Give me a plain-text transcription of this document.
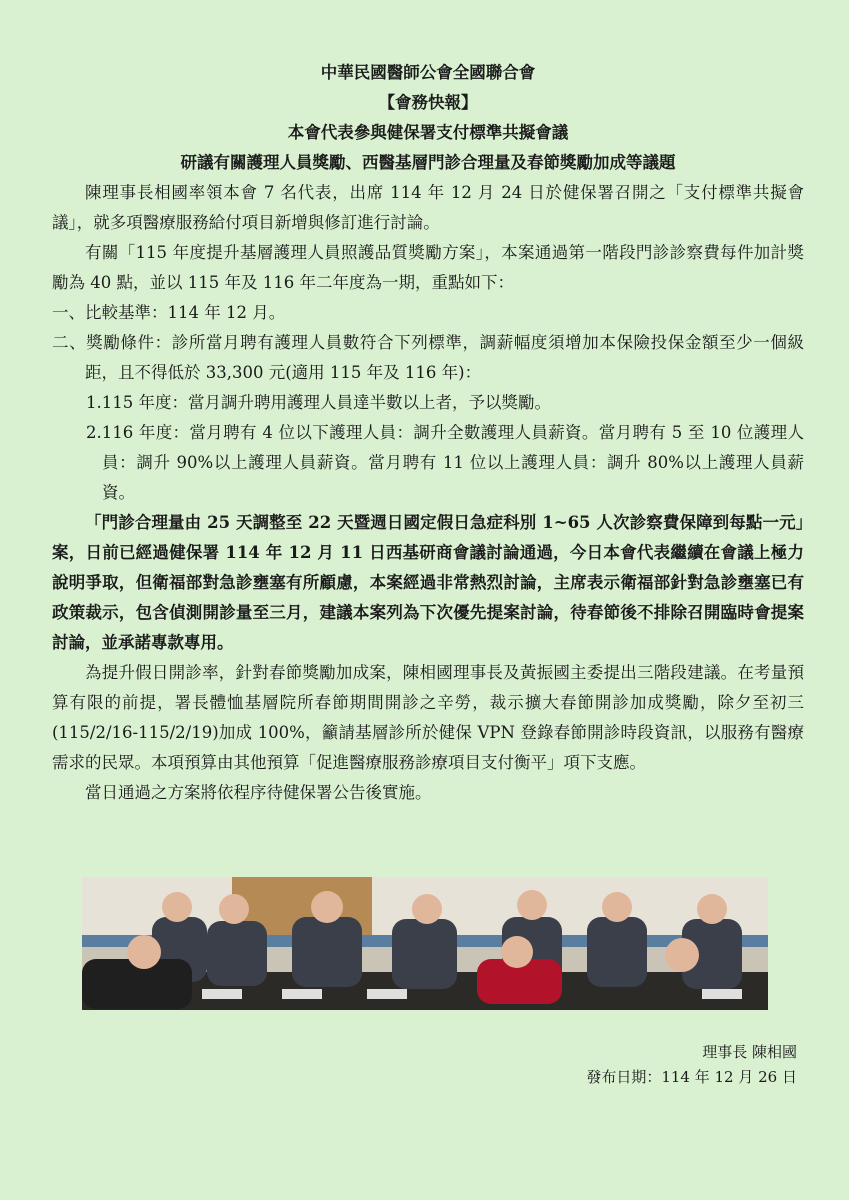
中華民國醫師公會全國聯合會
【會務快報】
本會代表參與健保署支付標準共擬會議
研議有關護理人員獎勵、西醫基層門診合理量及春節獎勵加成等議題

陳理事長相國率領本會 7 名代表，出席 114 年 12 月 24 日於健保署召開之「支付標準共擬會議」，就多項醫療服務給付項目新增與修訂進行討論。

有關「115 年度提升基層護理人員照護品質獎勵方案」，本案通過第一階段門診診察費每件加計獎勵為 40 點，並以 115 年及 116 年二年度為一期，重點如下：

一、比較基準：114 年 12 月。

二、獎勵條件：診所當月聘有護理人員數符合下列標準，調薪幅度須增加本保險投保金額至少一個級距，且不得低於 33,300 元(適用 115 年及 116 年)：

1.115 年度：當月調升聘用護理人員達半數以上者，予以獎勵。

2.116 年度：當月聘有 4 位以下護理人員：調升全數護理人員薪資。當月聘有 5 至 10 位護理人員：調升 90%以上護理人員薪資。當月聘有 11 位以上護理人員：調升 80%以上護理人員薪資。

「門診合理量由 25 天調整至 22 天暨週日國定假日急症科別 1~65 人次診察費保障到每點一元」案，日前已經過健保署 114 年 12 月 11 日西基研商會議討論通過，今日本會代表繼續在會議上極力說明爭取，但衛福部對急診壅塞有所顧慮，本案經過非常熱烈討論，主席表示衛福部針對急診壅塞已有政策裁示，包含偵測開診量至三月，建議本案列為下次優先提案討論，待春節後不排除召開臨時會提案討論，並承諾專款專用。

為提升假日開診率，針對春節獎勵加成案，陳相國理事長及黃振國主委提出三階段建議。在考量預算有限的前提，署長體恤基層院所春節期間開診之辛勞，裁示擴大春節開診加成獎勵，除夕至初三(115/2/16-115/2/19)加成 100%，籲請基層診所於健保 VPN 登錄春節開診時段資訊，以服務有醫療需求的民眾。本項預算由其他預算「促進醫療服務診療項目支付衡平」項下支應。

當日通過之方案將依程序待健保署公告後實施。

理事長 陳相國
發布日期：114 年 12 月 26 日
